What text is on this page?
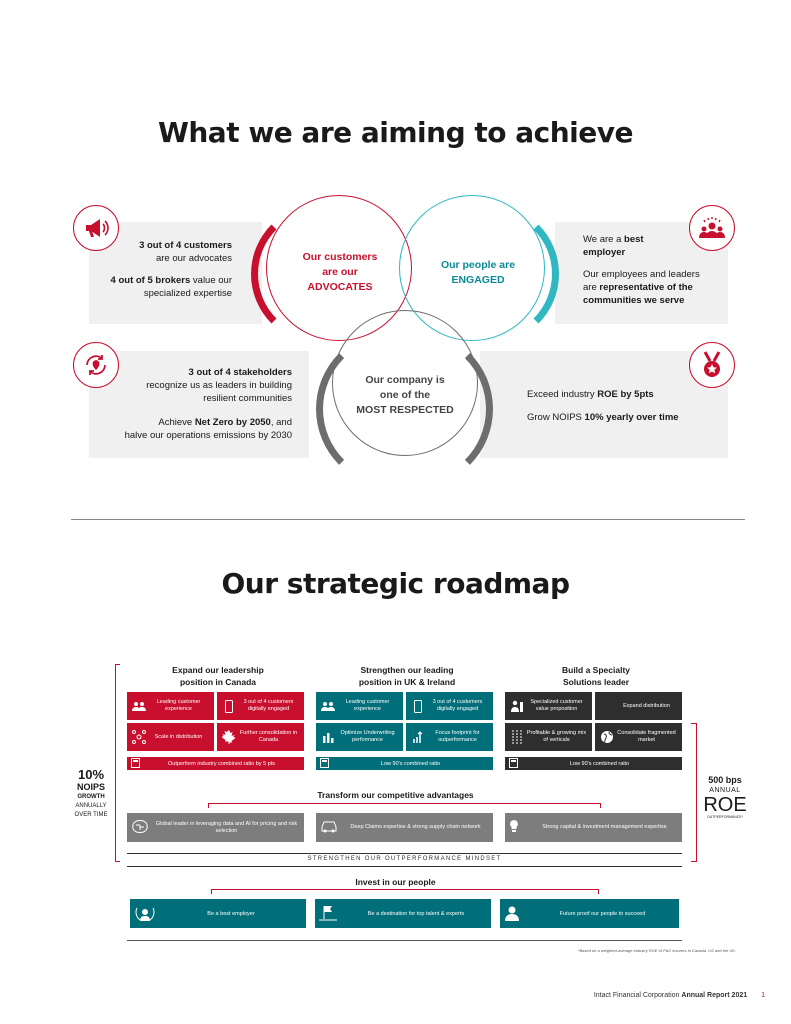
What we are aiming to achieve
Our customers
are our
ADVOCATES
Our people are
ENGAGED
Our company is
one of the
MOST RESPECTED
3 out of 4 customers
are our advocates
4 out of 5 brokers value our
specialized expertise
We are a best
employer
Our employees and leaders
are representative of the
communities we serve
3 out of 4 stakeholders
recognize us as leaders in building
resilient communities
Achieve Net Zero by 2050, and
halve our operations emissions by 2030
Exceed industry ROE by 5pts
Grow NOIPS 10% yearly over time
Our strategic roadmap
10%
NOIPS
GROWTH
ANNUALLY
OVER TIME
500 bps
ANNUAL
ROE
OUTPERFORMANCE*
Expand our leadership
position in Canada
Strengthen our leading
position in UK & Ireland
Build a Specialty
Solutions leader
Leading customer experience
3 out of 4 customers digitally engaged
Scale in distribution
Further consolidation in Canada
Outperform industry combined ratio by 5 pts
Leading customer experience
3 out of 4 customers digitally engaged
Optimize Underwriting performance
Focus footprint for outperformance
Low 90's combined ratio
Specialized customer value proposition
Expand distribution
Profitable & growing mix of verticals
Consolidate fragmented market
Low 90's combined ratio
Transform our competitive advantages
Global leader in leveraging data and AI for pricing and risk selection
Deep Claims expertise & strong supply chain network	Strong capital & investment management expertise
STRENGTHEN OUR OUTPERFORMANCE MINDSET
Invest in our people
Be a best employer	Be a destination for top talent & experts	Future proof our people to succeed
*Based on a weighted-average industry ROE of P&C insurers in Canada, US and the UK.
Intact Financial Corporation Annual Report 2021 1
